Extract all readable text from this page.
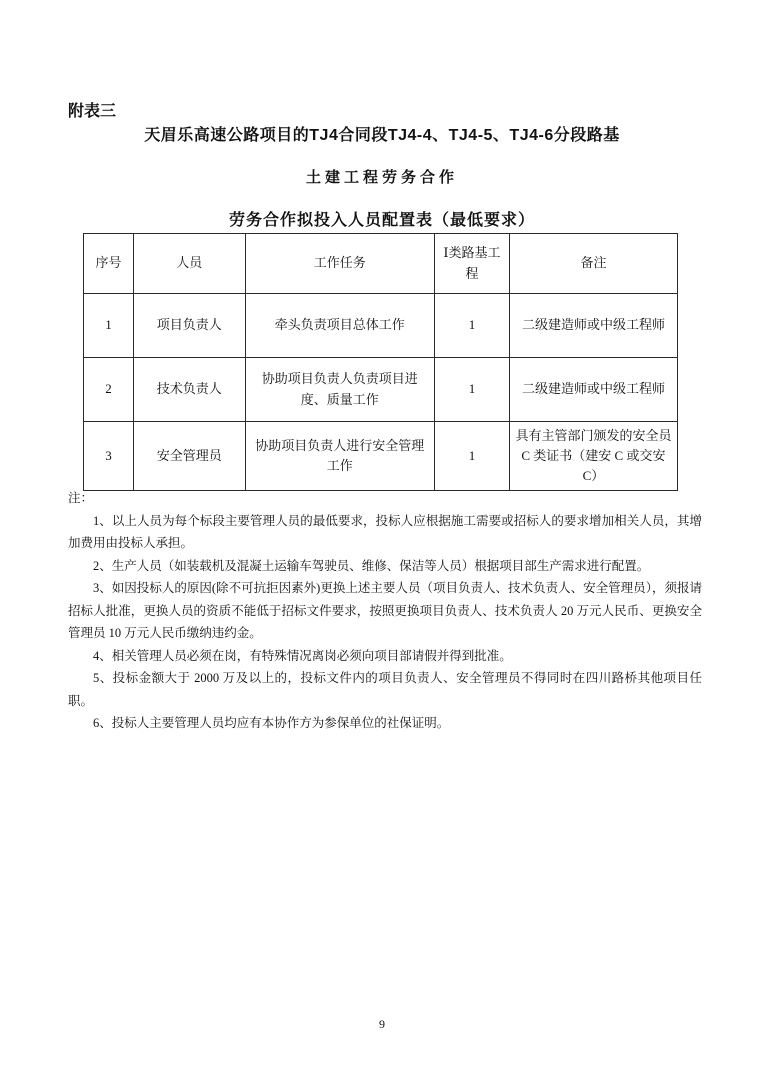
附表三
天眉乐高速公路项目的TJ4合同段TJ4-4、TJ4-5、TJ4-6分段路基
土建工程劳务合作
劳务合作拟投入人员配置表（最低要求）
序号	人员	工作任务	Ⅰ类路基工程	备注
1	项目负责人	牵头负责项目总体工作	1	二级建造师或中级工程师
2	技术负责人	协助项目负责人负责项目进度、质量工作	1	二级建造师或中级工程师
3	安全管理员	协助项目负责人进行安全管理工作	1	具有主管部门颁发的安全员 C 类证书（建安 C 或交安 C）

注：

1、以上人员为每个标段主要管理人员的最低要求，投标人应根据施工需要或招标人的要求增加相关人员，其增加费用由投标人承担。

2、生产人员（如装载机及混凝土运输车驾驶员、维修、保洁等人员）根据项目部生产需求进行配置。

3、如因投标人的原因(除不可抗拒因素外)更换上述主要人员（项目负责人、技术负责人、安全管理员），须报请招标人批准，更换人员的资质不能低于招标文件要求，按照更换项目负责人、技术负责人 20 万元人民币、更换安全管理员 10 万元人民币缴纳违约金。

4、相关管理人员必须在岗，有特殊情况离岗必须向项目部请假并得到批准。

5、投标金额大于 2000 万及以上的，投标文件内的项目负责人、安全管理员不得同时在四川路桥其他项目任职。

6、投标人主要管理人员均应有本协作方为参保单位的社保证明。

9
